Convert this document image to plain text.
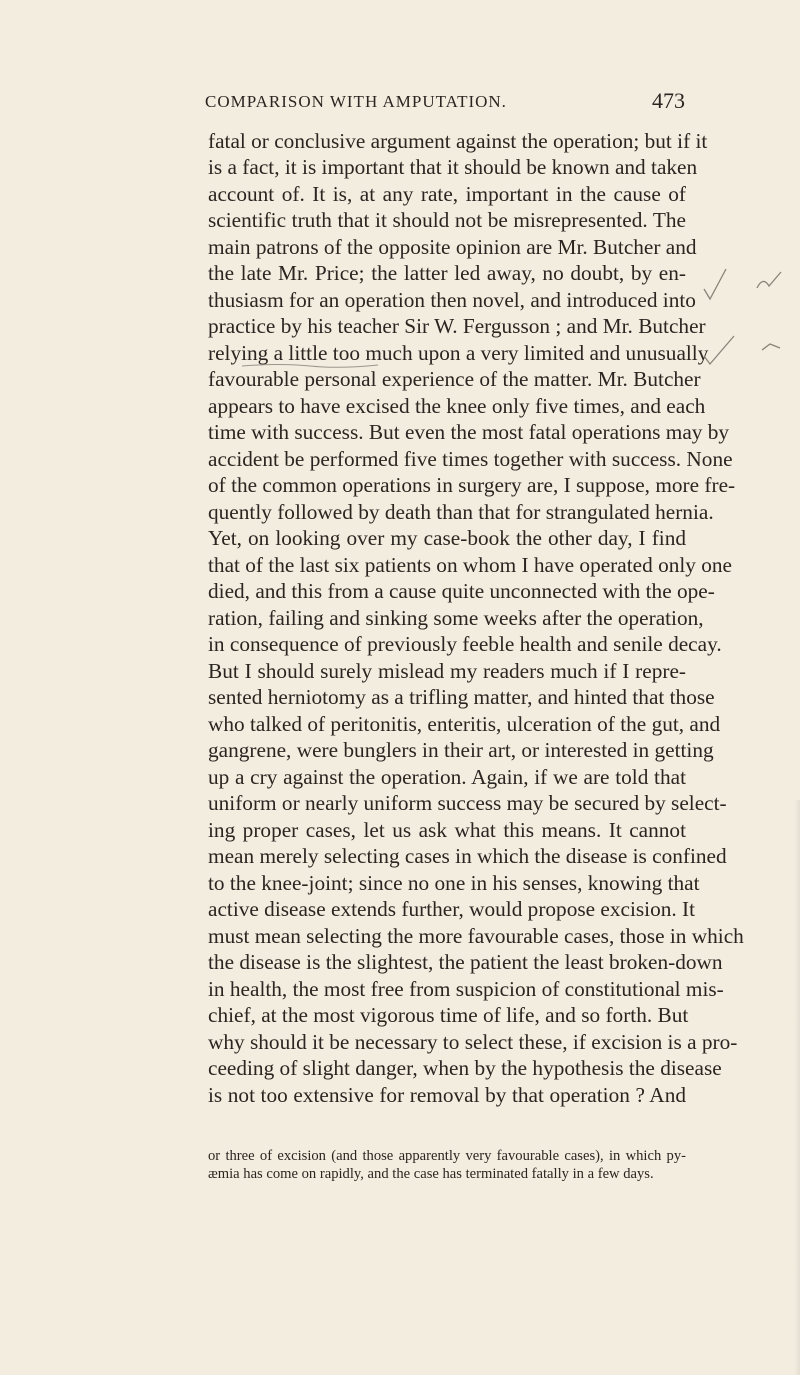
COMPARISON WITH AMPUTATION.	473
fatal or conclusive argument against the operation; but if it
is a fact, it is important that it should be known and taken
account of. It is, at any rate, important in the cause of
scientific truth that it should not be misrepresented. The
main patrons of the opposite opinion are Mr. Butcher and
the late Mr. Price; the latter led away, no doubt, by en-
thusiasm for an operation then novel, and introduced into
practice by his teacher Sir W. Fergusson ; and Mr. Butcher
relying a little too much upon a very limited and unusually
favourable personal experience of the matter. Mr. Butcher
appears to have excised the knee only five times, and each
time with success. But even the most fatal operations may by
accident be performed five times together with success. None
of the common operations in surgery are, I suppose, more fre-
quently followed by death than that for strangulated hernia.
Yet, on looking over my case-book the other day, I find
that of the last six patients on whom I have operated only one
died, and this from a cause quite unconnected with the ope-
ration, failing and sinking some weeks after the operation,
in consequence of previously feeble health and senile decay.
But I should surely mislead my readers much if I repre-
sented herniotomy as a trifling matter, and hinted that those
who talked of peritonitis, enteritis, ulceration of the gut, and
gangrene, were bunglers in their art, or interested in getting
up a cry against the operation. Again, if we are told that
uniform or nearly uniform success may be secured by select-
ing proper cases, let us ask what this means. It cannot
mean merely selecting cases in which the disease is confined
to the knee-joint; since no one in his senses, knowing that
active disease extends further, would propose excision. It
must mean selecting the more favourable cases, those in which
the disease is the slightest, the patient the least broken-down
in health, the most free from suspicion of constitutional mis-
chief, at the most vigorous time of life, and so forth. But
why should it be necessary to select these, if excision is a pro-
ceeding of slight danger, when by the hypothesis the disease
is not too extensive for removal by that operation ? And
or three of excision (and those apparently very favourable cases), in which py-
æmia has come on rapidly, and the case has terminated fatally in a few days.
